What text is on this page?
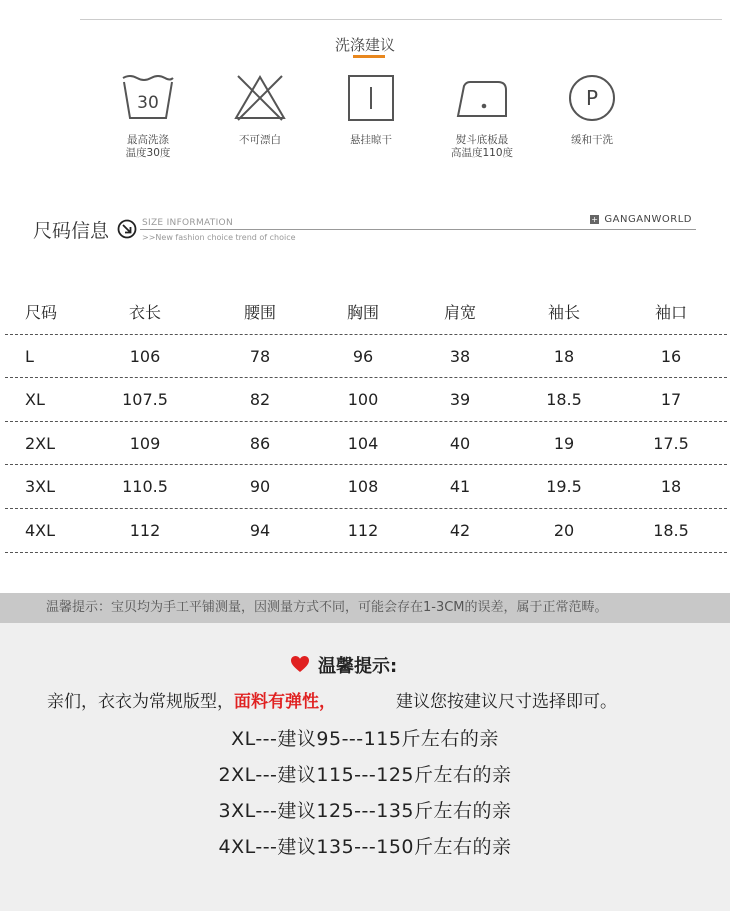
洗涤建议
30
最高洗涤
温度30度
不可漂白	悬挂晾干	熨斗底板最
高温度110度
P
缓和干洗
尺码信息	SIZE INFORMATION
>>New fashion choice trend of choice
+ GANGANWORLD
尺码	衣长	腰围	胸围	肩宽	袖长	袖口
L	106	78	96	38	18	16
XL	107.5	82	100	39	18.5	17
2XL	109	86	104	40	19	17.5
3XL	110.5	90	108	41	19.5	18
4XL	112	94	112	42	20	18.5
温馨提示：宝贝均为手工平铺测量，因测量方式不同，可能会存在1-3CM的误差，属于正常范畴。
温馨提示:
亲们，衣衣为常规版型，面料有弹性，	建议您按建议尺寸选择即可。
XL---建议95---115斤左右的亲
2XL---建议115---125斤左右的亲
3XL---建议125---135斤左右的亲
4XL---建议135---150斤左右的亲
